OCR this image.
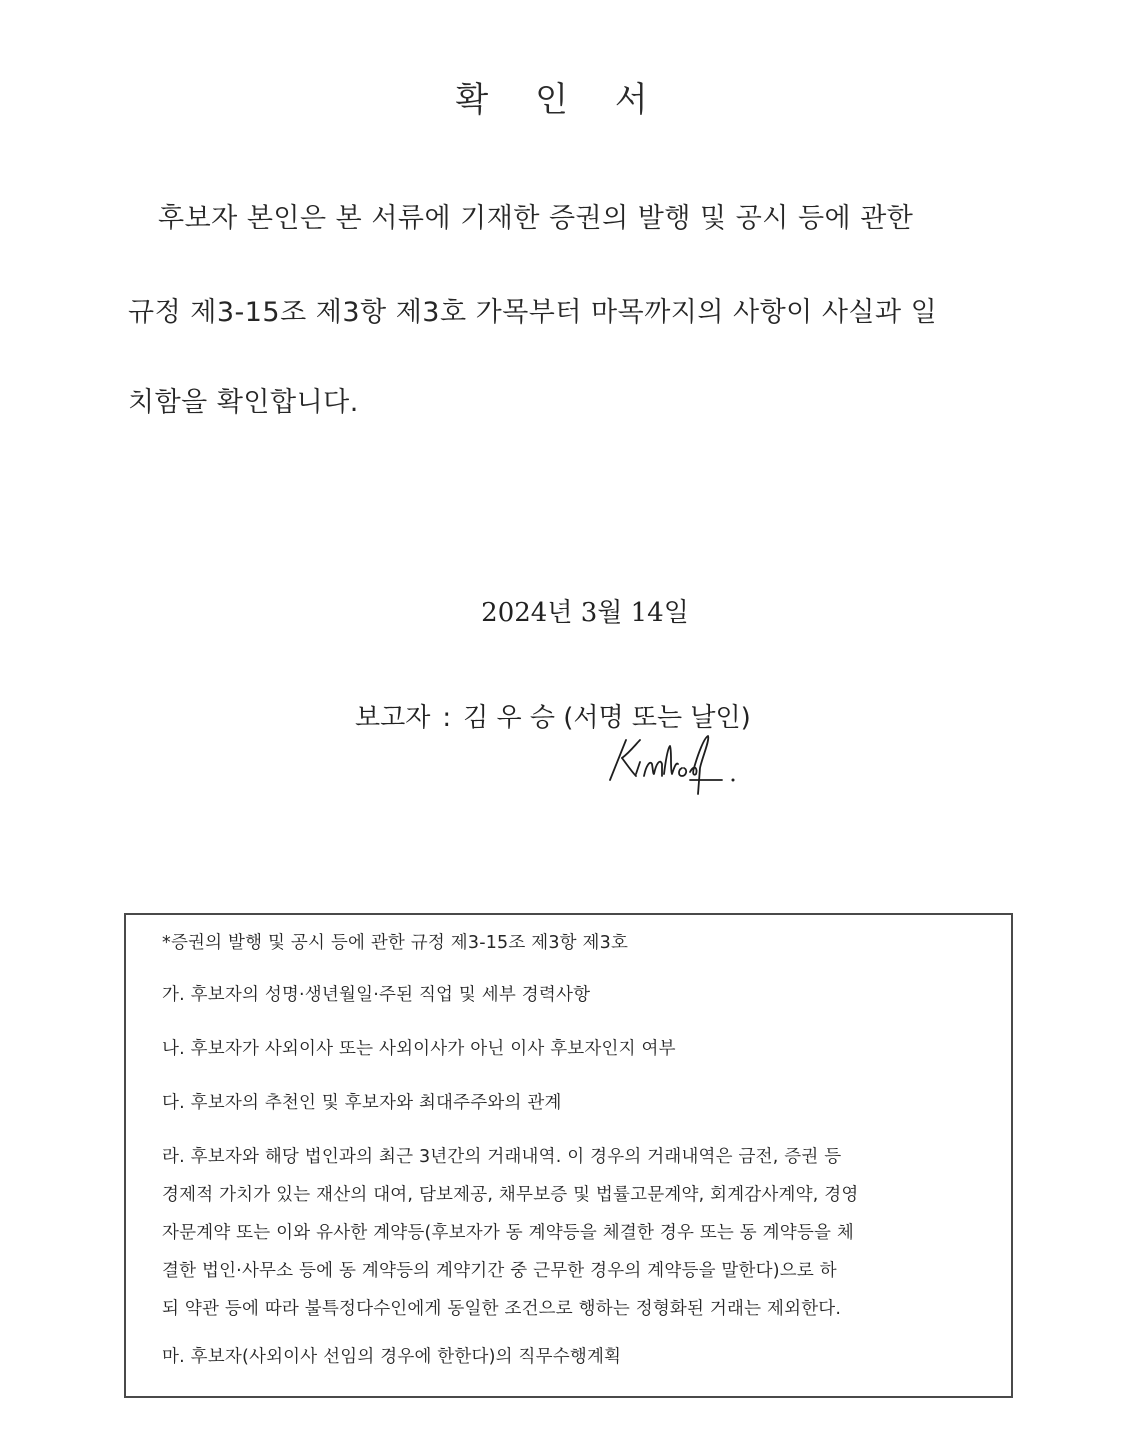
확 인 서
후보자 본인은 본 서류에 기재한 증권의 발행 및 공시 등에 관한
규정 제3-15조 제3항 제3호 가목부터 마목까지의 사항이 사실과 일
치함을 확인합니다.
2024년 3월 14일
보고자 : 김 우 승 (서명 또는 날인)
*증권의 발행 및 공시 등에 관한 규정 제3-15조 제3항 제3호
가. 후보자의 성명·생년월일·주된 직업 및 세부 경력사항
나. 후보자가 사외이사 또는 사외이사가 아닌 이사 후보자인지 여부
다. 후보자의 추천인 및 후보자와 최대주주와의 관계
라. 후보자와 해당 법인과의 최근 3년간의 거래내역. 이 경우의 거래내역은 금전, 증권 등
경제적 가치가 있는 재산의 대여, 담보제공, 채무보증 및 법률고문계약, 회계감사계약, 경영
자문계약 또는 이와 유사한 계약등(후보자가 동 계약등을 체결한 경우 또는 동 계약등을 체
결한 법인·사무소 등에 동 계약등의 계약기간 중 근무한 경우의 계약등을 말한다)으로 하
되 약관 등에 따라 불특정다수인에게 동일한 조건으로 행하는 정형화된 거래는 제외한다.
마. 후보자(사외이사 선임의 경우에 한한다)의 직무수행계획
